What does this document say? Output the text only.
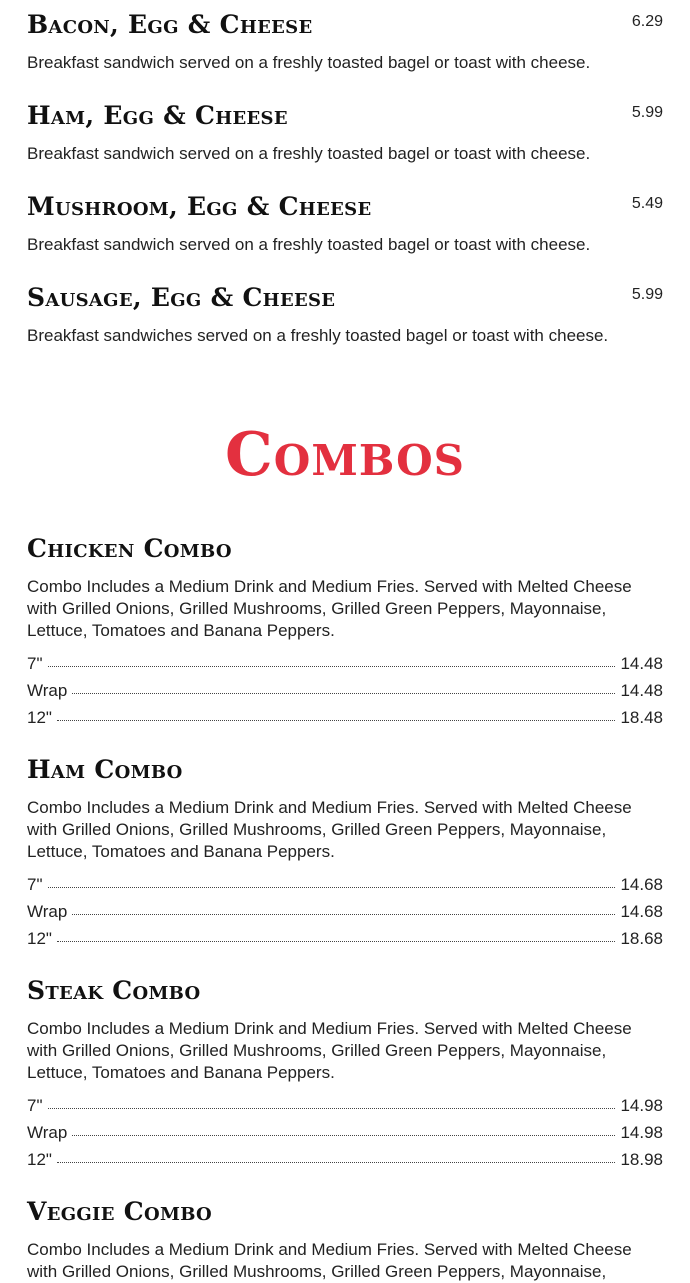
Bacon, Egg & Cheese	6.29

Breakfast sandwich served on a freshly toasted bagel or toast with cheese.

Ham, Egg & Cheese	5.99

Breakfast sandwich served on a freshly toasted bagel or toast with cheese.

Mushroom, Egg & Cheese	5.49

Breakfast sandwich served on a freshly toasted bagel or toast with cheese.

Sausage, Egg & Cheese	5.99

Breakfast sandwiches served on a freshly toasted bagel or toast with cheese.

Combos
Chicken Combo

Combo Includes a Medium Drink and Medium Fries. Served with Melted Cheese with Grilled Onions, Grilled Mushrooms, Grilled Green Peppers, Mayonnaise, Lettuce, Tomatoes and Banana Peppers.

7"	14.48
Wrap	14.48
12"	18.48
Ham Combo

Combo Includes a Medium Drink and Medium Fries. Served with Melted Cheese with Grilled Onions, Grilled Mushrooms, Grilled Green Peppers, Mayonnaise, Lettuce, Tomatoes and Banana Peppers.

7"	14.68
Wrap	14.68
12"	18.68
Steak Combo

Combo Includes a Medium Drink and Medium Fries. Served with Melted Cheese with Grilled Onions, Grilled Mushrooms, Grilled Green Peppers, Mayonnaise, Lettuce, Tomatoes and Banana Peppers.

7"	14.98
Wrap	14.98
12"	18.98
Veggie Combo

Combo Includes a Medium Drink and Medium Fries. Served with Melted Cheese with Grilled Onions, Grilled Mushrooms, Grilled Green Peppers, Mayonnaise,
